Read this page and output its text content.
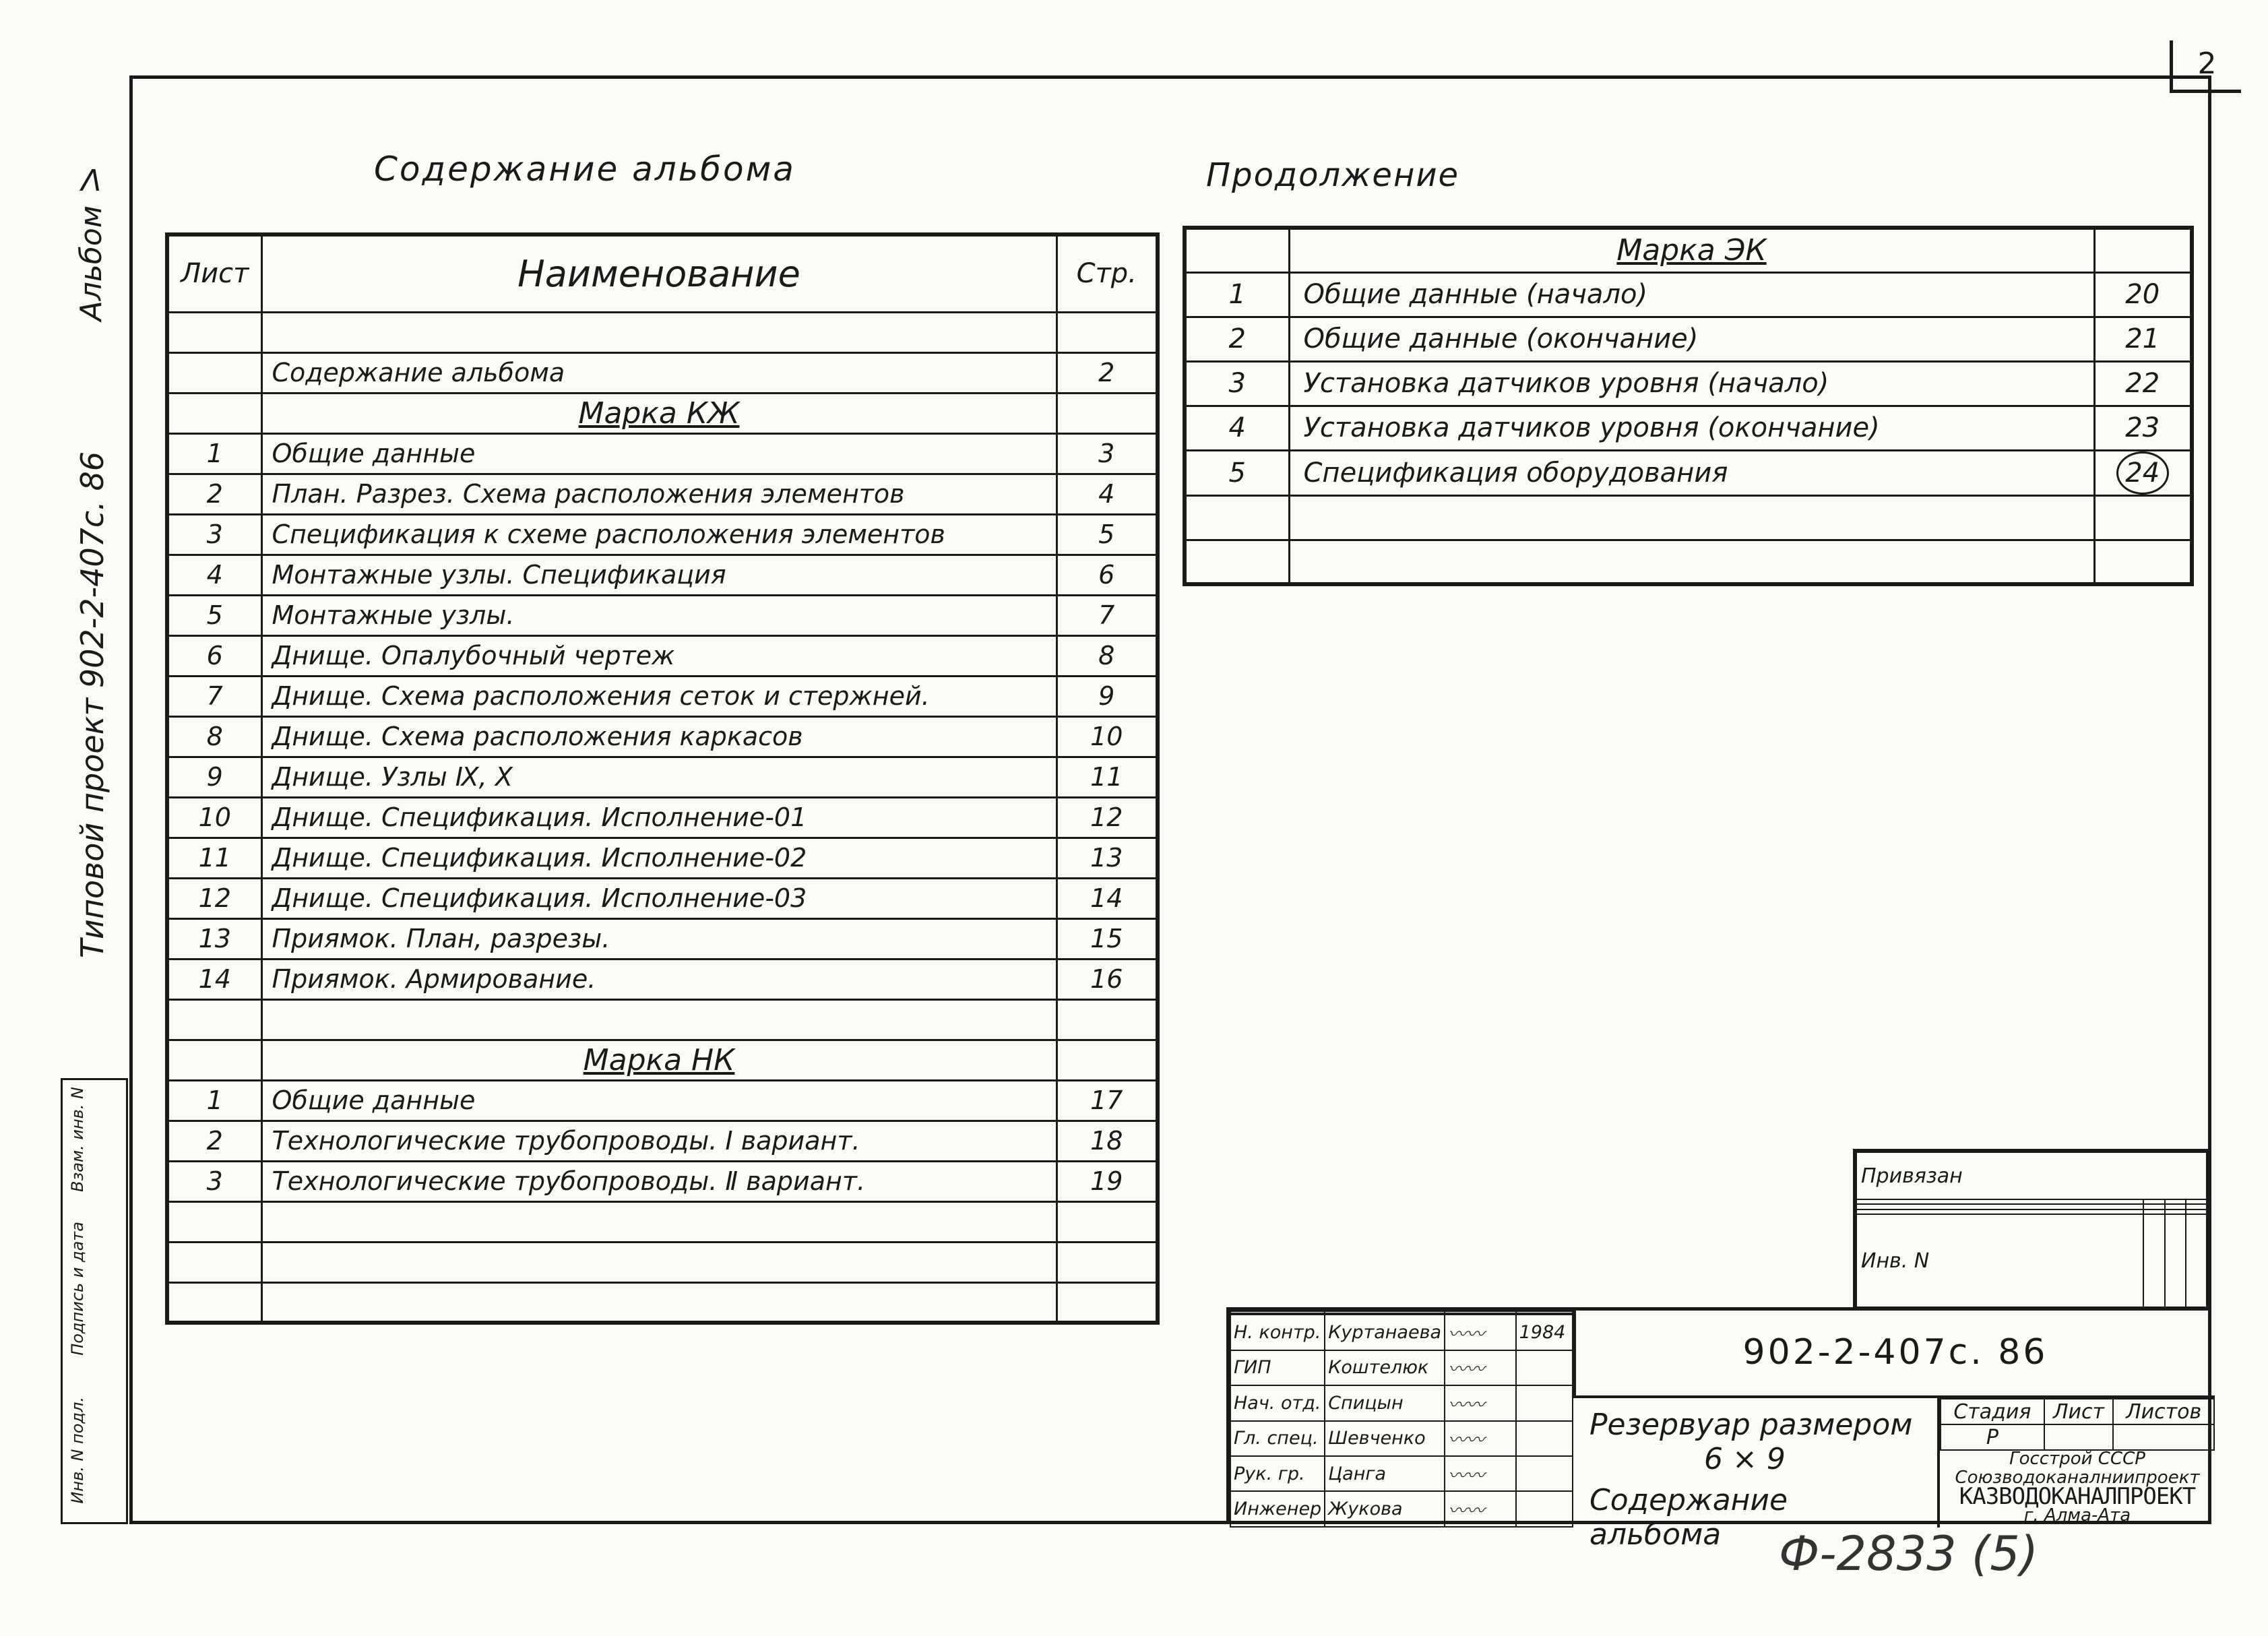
2
Альбом Ⅴ
Типовой проект 902-2-407с. 86
Инв. N подл.
Подпись и дата
Взам. инв. N
Содержание альбома	Продолжение
Лист	Наименование	Стр.

	Содержание альбома	2
	Марка КЖ	
1	Общие данные	3
2	План. Разрез. Схема расположения элементов	4
3	Спецификация к схеме расположения элементов	5
4	Монтажные узлы. Спецификация	6
5	Монтажные узлы.	7
6	Днище. Опалубочный чертеж	8
7	Днище. Схема расположения сеток и стержней.	9
8	Днище. Схема расположения каркасов	10
9	Днище. Узлы Ⅸ, Ⅹ	11
10	Днище. Спецификация. Исполнение-01	12
11	Днище. Спецификация. Исполнение-02	13
12	Днище. Спецификация. Исполнение-03	14
13	Приямок. План, разрезы.	15
14	Приямок. Армирование.	16

	Марка НК	
1	Общие данные	17
2	Технологические трубопроводы. Ⅰ вариант.	18
3	Технологические трубопроводы. Ⅱ вариант.	19

	Марка ЭК	
1	Общие данные (начало)	20
2	Общие данные (окончание)	21
3	Установка датчиков уровня (начало)	22
4	Установка датчиков уровня (окончание)	23
5	Спецификация оборудования	24

Привязан			

Инв. N			

Н. контр.	Куртанаева	〰〰	1984
ГИП	Коштелюк	〰〰	
Нач. отд.	Спицын	〰〰	
Гл. спец.	Шевченко	〰〰	
Рук. гр.	Цанга	〰〰	
Инженер	Жукова	〰〰	
902-2-407с. 86
Резервуар размером
6 × 9
Содержание альбома
Стадия	Лист	Листов
Р		
Госстрой СССР
Союзводоканалниипроект
КАЗВОДОКАНАЛПРОЕКТ
г. Алма-Ата
Ф-2833 (5)
